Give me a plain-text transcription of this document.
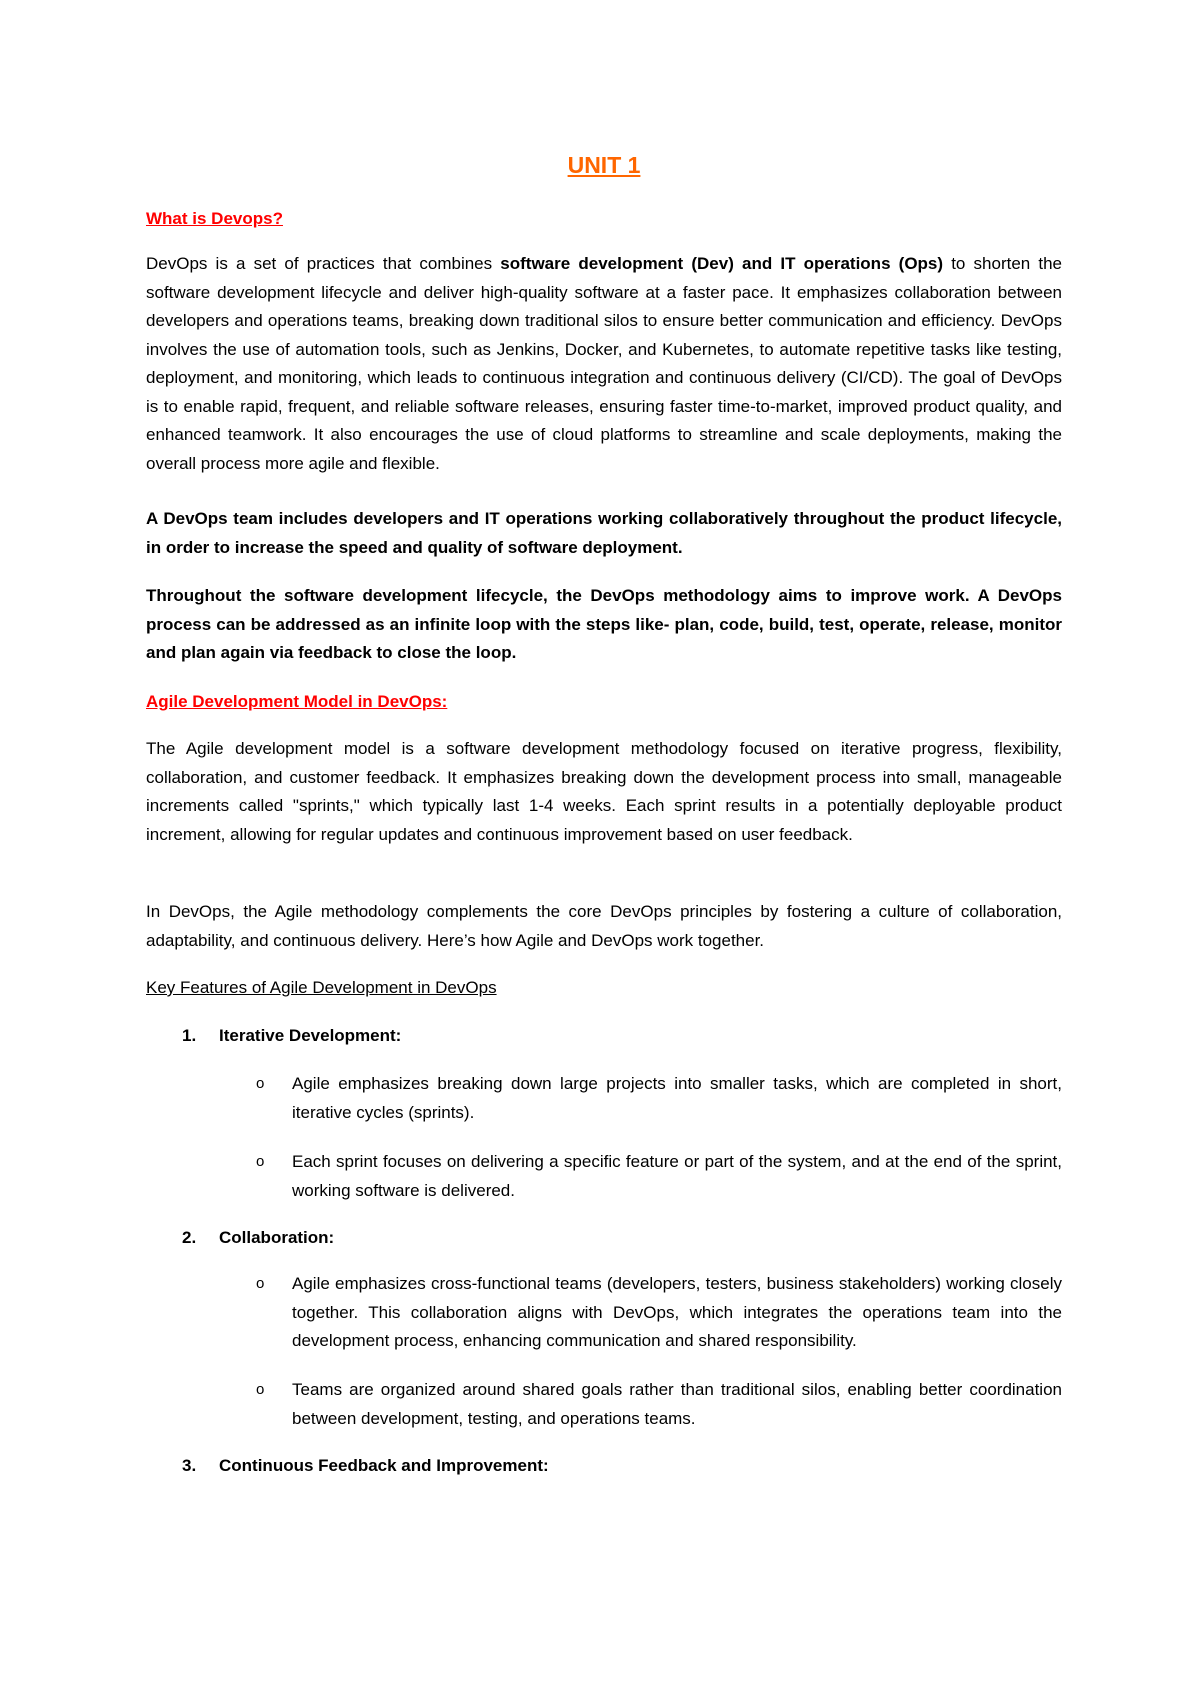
UNIT 1
What is Devops?

DevOps is a set of practices that combines software development (Dev) and IT operations (Ops) to shorten the software development lifecycle and deliver high-quality software at a faster pace. It emphasizes collaboration between developers and operations teams, breaking down traditional silos to ensure better communication and efficiency. DevOps involves the use of automation tools, such as Jenkins, Docker, and Kubernetes, to automate repetitive tasks like testing, deployment, and monitoring, which leads to continuous integration and continuous delivery (CI/CD). The goal of DevOps is to enable rapid, frequent, and reliable software releases, ensuring faster time-to-market, improved product quality, and enhanced teamwork. It also encourages the use of cloud platforms to streamline and scale deployments, making the overall process more agile and flexible.

A DevOps team includes developers and IT operations working collaboratively throughout the product lifecycle, in order to increase the speed and quality of software deployment.

Throughout the software development lifecycle, the DevOps methodology aims to improve work. A DevOps process can be addressed as an infinite loop with the steps like- plan, code, build, test, operate, release, monitor and plan again via feedback to close the loop.

Agile Development Model in DevOps:

The Agile development model is a software development methodology focused on iterative progress, flexibility, collaboration, and customer feedback. It emphasizes breaking down the development process into small, manageable increments called "sprints," which typically last 1-4 weeks. Each sprint results in a potentially deployable product increment, allowing for regular updates and continuous improvement based on user feedback.

In DevOps, the Agile methodology complements the core DevOps principles by fostering a culture of collaboration, adaptability, and continuous delivery. Here’s how Agile and DevOps work together.

Key Features of Agile Development in DevOps
1. Iterative Development:
o Agile emphasizes breaking down large projects into smaller tasks, which are completed in short, iterative cycles (sprints).
o Each sprint focuses on delivering a specific feature or part of the system, and at the end of the sprint, working software is delivered.
2. Collaboration:
o Agile emphasizes cross-functional teams (developers, testers, business stakeholders) working closely together. This collaboration aligns with DevOps, which integrates the operations team into the development process, enhancing communication and shared responsibility.
o Teams are organized around shared goals rather than traditional silos, enabling better coordination between development, testing, and operations teams.
3. Continuous Feedback and Improvement:
